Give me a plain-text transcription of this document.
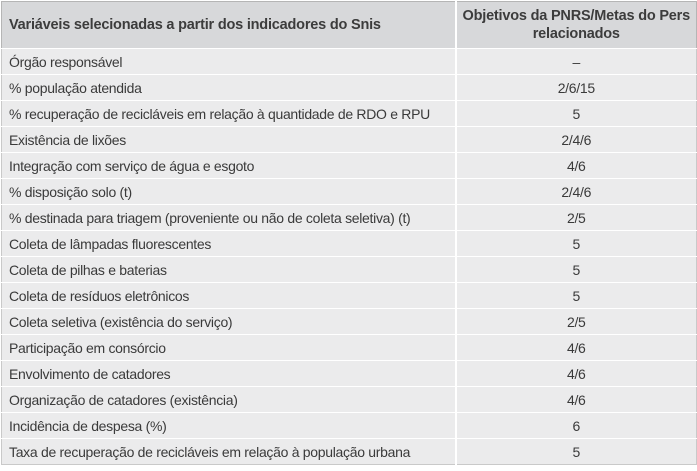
Variáveis selecionadas a partir dos indicadores do Snis	Objetivos da PNRS/Metas do Pers
relacionados
Órgão responsável	–
% população atendida	2/6/15
% recuperação de recicláveis em relação à quantidade de RDO e RPU	5
Existência de lixões	2/4/6
Integração com serviço de água e esgoto	4/6
% disposição solo (t)	2/4/6
% destinada para triagem (proveniente ou não de coleta seletiva) (t)	2/5
Coleta de lâmpadas fluorescentes	5
Coleta de pilhas e baterias	5
Coleta de resíduos eletrônicos	5
Coleta seletiva (existência do serviço)	2/5
Participação em consórcio	4/6
Envolvimento de catadores	4/6
Organização de catadores (existência)	4/6
Incidência de despesa (%)	6
Taxa de recuperação de recicláveis em relação à população urbana	5
